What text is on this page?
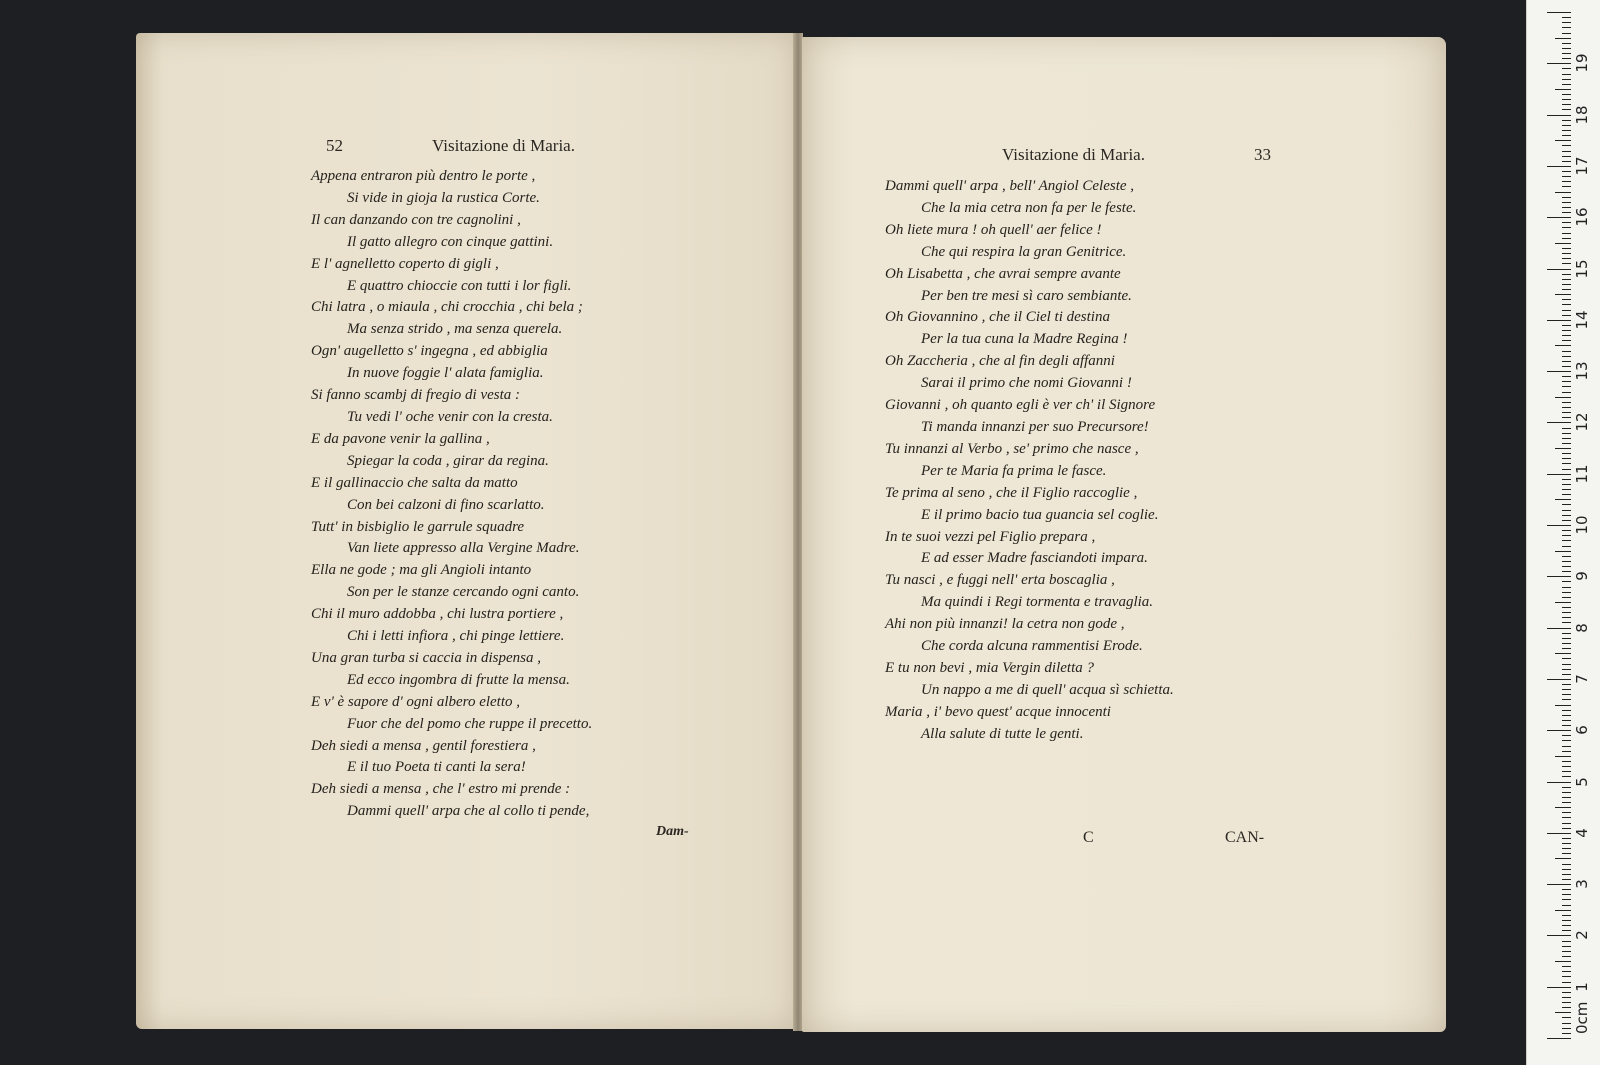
52	Visitazione di Maria.
Appena entraron più dentro le porte ,
Si vide in gioja la rustica Corte.
Il can danzando con tre cagnolini ,
Il gatto allegro con cinque gattini.
E l' agnelletto coperto di gigli ,
E quattro chioccie con tutti i lor figli.
Chi latra , o miaula , chi crocchia , chi bela ;
Ma senza strido , ma senza querela.
Ogn' augelletto s' ingegna , ed abbiglia
In nuove foggie l' alata famiglia.
Si fanno scambj di fregio di vesta :
Tu vedi l' oche venir con la cresta.
E da pavone venir la gallina ,
Spiegar la coda , girar da regina.
E il gallinaccio che salta da matto
Con bei calzoni di fino scarlatto.
Tutt' in bisbiglio le garrule squadre
Van liete appresso alla Vergine Madre.
Ella ne gode ; ma gli Angioli intanto
Son per le stanze cercando ogni canto.
Chi il muro addobba , chi lustra portiere ,
Chi i letti infiora , chi pinge lettiere.
Una gran turba si caccia in dispensa ,
Ed ecco ingombra di frutte la mensa.
E v' è sapore d' ogni albero eletto ,
Fuor che del pomo che ruppe il precetto.
Deh siedi a mensa , gentil forestiera ,
E il tuo Poeta ti canti la sera!
Deh siedi a mensa , che l' estro mi prende :
Dammi quell' arpa che al collo ti pende,
Dam-
Visitazione di Maria.	33
Dammi quell' arpa , bell' Angiol Celeste ,
Che la mia cetra non fa per le feste.
Oh liete mura ! oh quell' aer felice !
Che qui respira la gran Genitrice.
Oh Lisabetta , che avrai sempre avante
Per ben tre mesi sì caro sembiante.
Oh Giovannino , che il Ciel ti destina
Per la tua cuna la Madre Regina !
Oh Zaccheria , che al fin degli affanni
Sarai il primo che nomi Giovanni !
Giovanni , oh quanto egli è ver ch' il Signore
Ti manda innanzi per suo Precursore!
Tu innanzi al Verbo , se' primo che nasce ,
Per te Maria fa prima le fasce.
Te prima al seno , che il Figlio raccoglie ,
E il primo bacio tua guancia sel coglie.
In te suoi vezzi pel Figlio prepara ,
E ad esser Madre fasciandoti impara.
Tu nasci , e fuggi nell' erta boscaglia ,
Ma quindi i Regi tormenta e travaglia.
Ahi non più innanzi! la cetra non gode ,
Che corda alcuna rammentisi Erode.
E tu non bevi , mia Vergin diletta ?
Un nappo a me di quell' acqua sì schietta.
Maria , i' bevo quest' acque innocenti
Alla salute di tutte le genti.
C	CAN-
0cm
1
2
3
4
5
6
7
8
9
10
11
12
13
14
15
16
17
18
19
